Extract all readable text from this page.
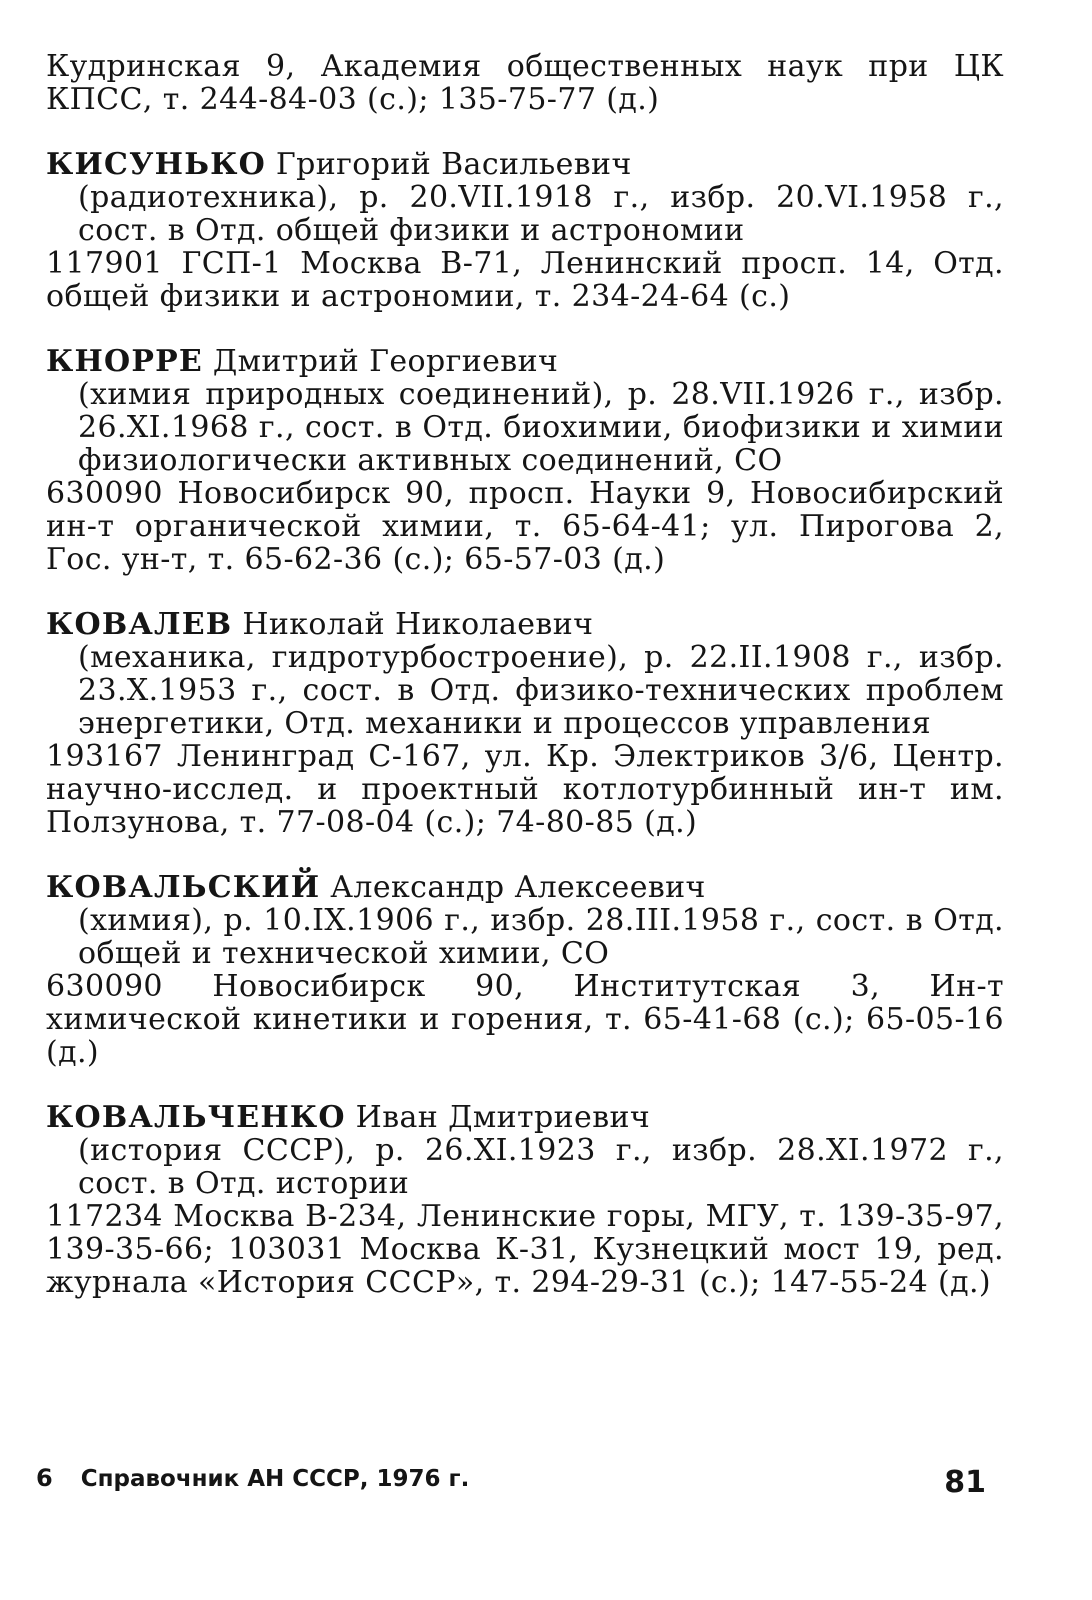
Кудринская 9, Академия общественных наук при ЦК КПСС, т. 244-84-03 (с.); 135-75-77 (д.)

КИСУНЬКО Григорий Васильевич

(радиотехника), р. 20.VII.1918 г., избр. 20.VI.1958 г., сост. в Отд. общей физики и астрономии

117901 ГСП-1 Москва В-71, Ленинский просп. 14, Отд. общей физики и астрономии, т. 234-24-64 (с.)

КНОРРЕ Дмитрий Георгиевич

(химия природных соединений), р. 28.VII.1926 г., избр. 26.XI.1968 г., сост. в Отд. биохимии, биофизики и химии физиологически активных соединений, СО

630090 Новосибирск 90, просп. Науки 9, Новосибирский ин-т органической химии, т. 65-64-41; ул. Пирогова 2, Гос. ун-т, т. 65-62-36 (с.); 65-57-03 (д.)

КОВАЛЕВ Николай Николаевич

(механика, гидротурбостроение), р. 22.II.1908 г., избр. 23.X.1953 г., сост. в Отд. физико-технических проблем энергетики, Отд. механики и процессов управления

193167 Ленинград С-167, ул. Кр. Электриков 3/6, Центр. научно-исслед. и проектный котлотурбинный ин-т им. Ползунова, т. 77-08-04 (с.); 74-80-85 (д.)

КОВАЛЬСКИЙ Александр Алексеевич

(химия), р. 10.IX.1906 г., избр. 28.III.1958 г., сост. в Отд. общей и технической химии, СО

630090 Новосибирск 90, Институтская 3, Ин-т химической кинетики и горения, т. 65-41-68 (с.); 65-05-16 (д.)

КОВАЛЬЧЕНКО Иван Дмитриевич

(история СССР), р. 26.XI.1923 г., избр. 28.XI.1972 г., сост. в Отд. истории

117234 Москва В-234, Ленинские горы, МГУ, т. 139-35-97, 139-35-66; 103031 Москва К-31, Кузнецкий мост 19, ред. журнала «История СССР», т. 294-29-31 (с.); 147-55-24 (д.)

6 Справочник АН СССР, 1976 г.	81
